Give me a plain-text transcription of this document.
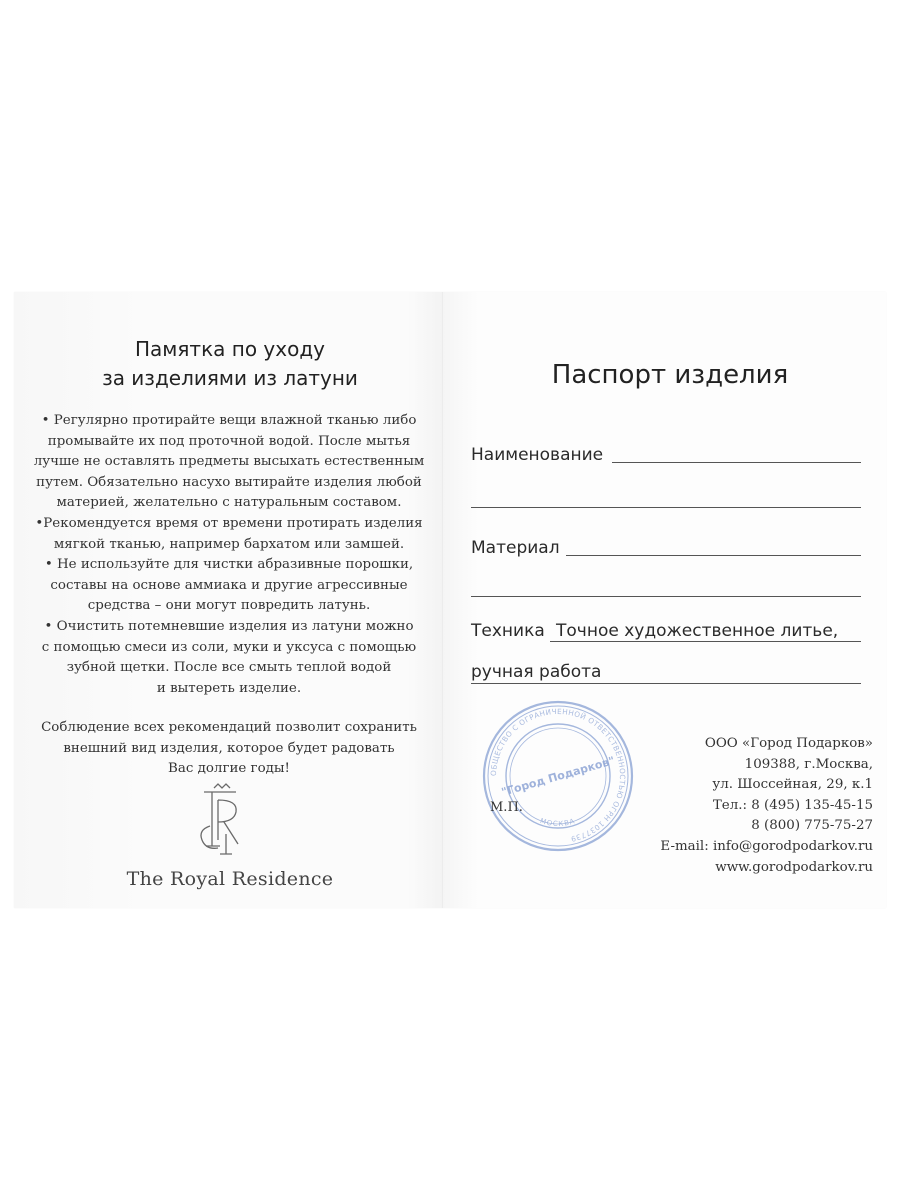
Памятка по уходу
за изделиями из латуни
• Регулярно протирайте вещи влажной тканью либо
промывайте их под проточной водой. После мытья
лучше не оставлять предметы высыхать естественным
путем. Обязательно насухо вытирайте изделия любой
материей, желательно с натуральным составом.
•Рекомендуется время от времени протирать изделия
мягкой тканью, например бархатом или замшей.
• Не используйте для чистки абразивные порошки,
составы на основе аммиака и другие агрессивные
средства – они могут повредить латунь.
• Очистить потемневшие изделия из латуни можно
с помощью смеси из соли, муки и уксуса с помощью
зубной щетки. После все смыть теплой водой
и вытереть изделие.
Соблюдение всех рекомендаций позволит сохранить
внешний вид изделия, которое будет радовать
Вас долгие годы!
The Royal Residence
Паспорт изделия
Наименование
Материал
Техника Точное художественное литье,
ручная работа
ОБЩЕСТВО С ОГРАНИЧЕННОЙ ОТВЕТСТВЕННОСТЬЮ ОГРН 1037739
МОСКВА
"Город Подарков"
М.П.
ООО «Город Подарков»
109388, г.Москва,
ул. Шоссейная, 29, к.1
Тел.: 8 (495) 135-45-15
8 (800) 775-75-27
E-mail: info@gorodpodarkov.ru
www.gorodpodarkov.ru
